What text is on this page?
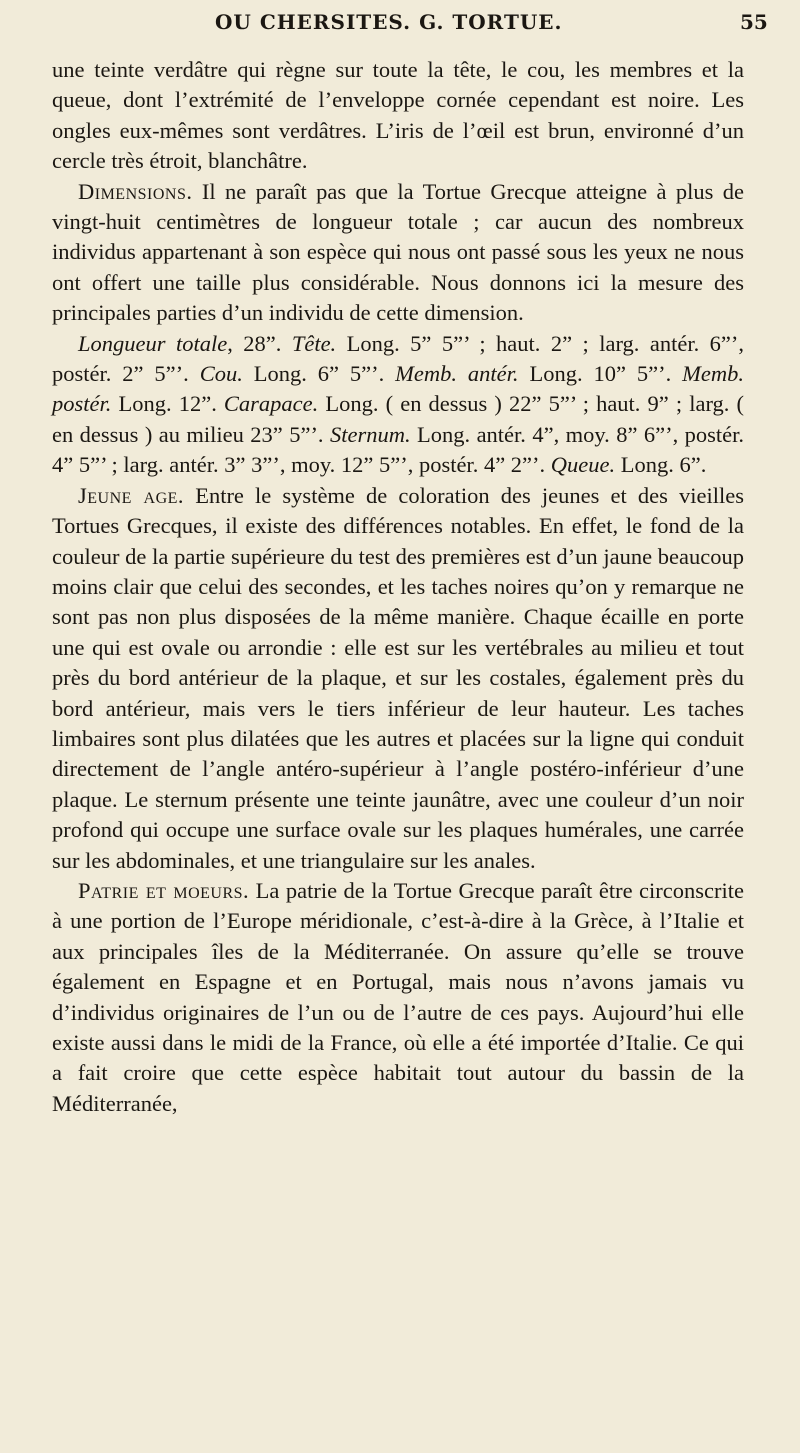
OU CHERSITES. G. TORTUE.	55

une teinte verdâtre qui règne sur toute la tête, le cou, les membres et la queue, dont l’extrémité de l’enveloppe cornée cependant est noire. Les ongles eux-mêmes sont verdâtres. L’iris de l’œil est brun, environné d’un cercle très étroit, blanchâtre.

Dimensions. Il ne paraît pas que la Tortue Grecque atteigne à plus de vingt-huit centimètres de longueur totale ; car aucun des nombreux individus appartenant à son espèce qui nous ont passé sous les yeux ne nous ont offert une taille plus considérable. Nous donnons ici la mesure des principales parties d’un individu de cette dimension.

Longueur totale, 28”. Tête. Long. 5” 5”’ ; haut. 2” ; larg. antér. 6”’, postér. 2” 5”’. Cou. Long. 6” 5”’. Memb. antér. Long. 10” 5”’. Memb. postér. Long. 12”. Carapace. Long. ( en dessus ) 22” 5”’ ; haut. 9” ; larg. ( en dessus ) au milieu 23” 5”’. Sternum. Long. antér. 4”, moy. 8” 6”’, postér. 4” 5”’ ; larg. antér. 3” 3”’, moy. 12” 5”’, postér. 4” 2”’. Queue. Long. 6”.

Jeune age. Entre le système de coloration des jeunes et des vieilles Tortues Grecques, il existe des différences notables. En effet, le fond de la couleur de la partie supérieure du test des premières est d’un jaune beaucoup moins clair que celui des secondes, et les taches noires qu’on y remarque ne sont pas non plus disposées de la même manière. Chaque écaille en porte une qui est ovale ou arrondie : elle est sur les vertébrales au milieu et tout près du bord antérieur de la plaque, et sur les costales, également près du bord antérieur, mais vers le tiers inférieur de leur hauteur. Les taches limbaires sont plus dilatées que les autres et placées sur la ligne qui conduit directement de l’angle antéro-supérieur à l’angle postéro-inférieur d’une plaque. Le sternum présente une teinte jaunâtre, avec une couleur d’un noir profond qui occupe une surface ovale sur les plaques humérales, une carrée sur les abdominales, et une triangulaire sur les anales.

Patrie et moeurs. La patrie de la Tortue Grecque paraît être circonscrite à une portion de l’Europe méridionale, c’est-à-dire à la Grèce, à l’Italie et aux principales îles de la Méditerranée. On assure qu’elle se trouve également en Espagne et en Portugal, mais nous n’avons jamais vu d’individus originaires de l’un ou de l’autre de ces pays. Aujourd’hui elle existe aussi dans le midi de la France, où elle a été importée d’Italie. Ce qui a fait croire que cette espèce habitait tout autour du bassin de la Méditerranée,
